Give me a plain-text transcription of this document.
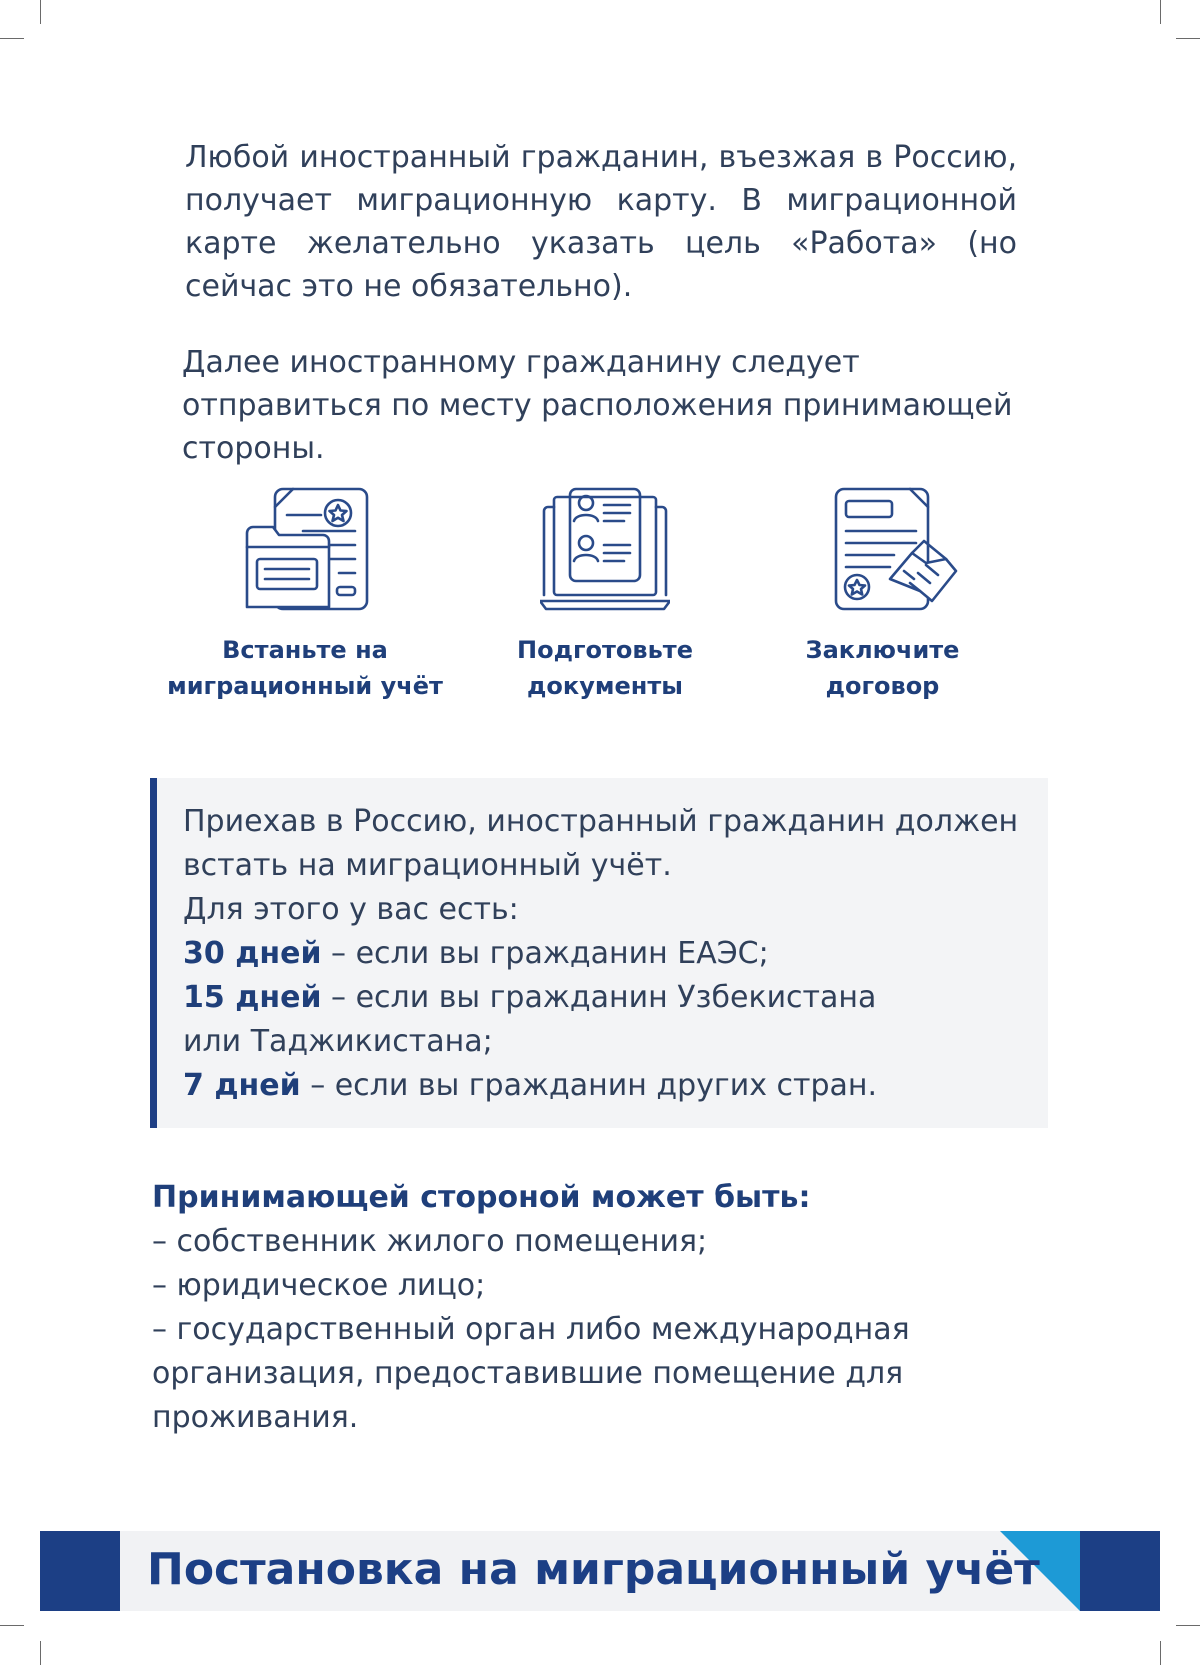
Любой иностранный гражданин, въезжая в Россию, получает миграционную карту. В миграционной карте желательно указать цель «Работа» (но сейчас это не обязательно).

Далее иностранному гражданину следует отправиться по месту расположения принимающей стороны.

Встаньте на
миграционный учёт

Подготовьте
документы

Заключите
договор

Приехав в Россию, иностранный гражданин должен
встать на миграционный учёт.
Для этого у вас есть:
30 дней – если вы гражданин ЕАЭС;
15 дней – если вы гражданин Узбекистана
или Таджикистана;
7 дней – если вы гражданин других стран.
Принимающей стороной может быть:
– собственник жилого помещения;
– юридическое лицо;
– государственный орган либо международная
организация, предоставившие помещение для
проживания.

Постановка на миграционный учёт
